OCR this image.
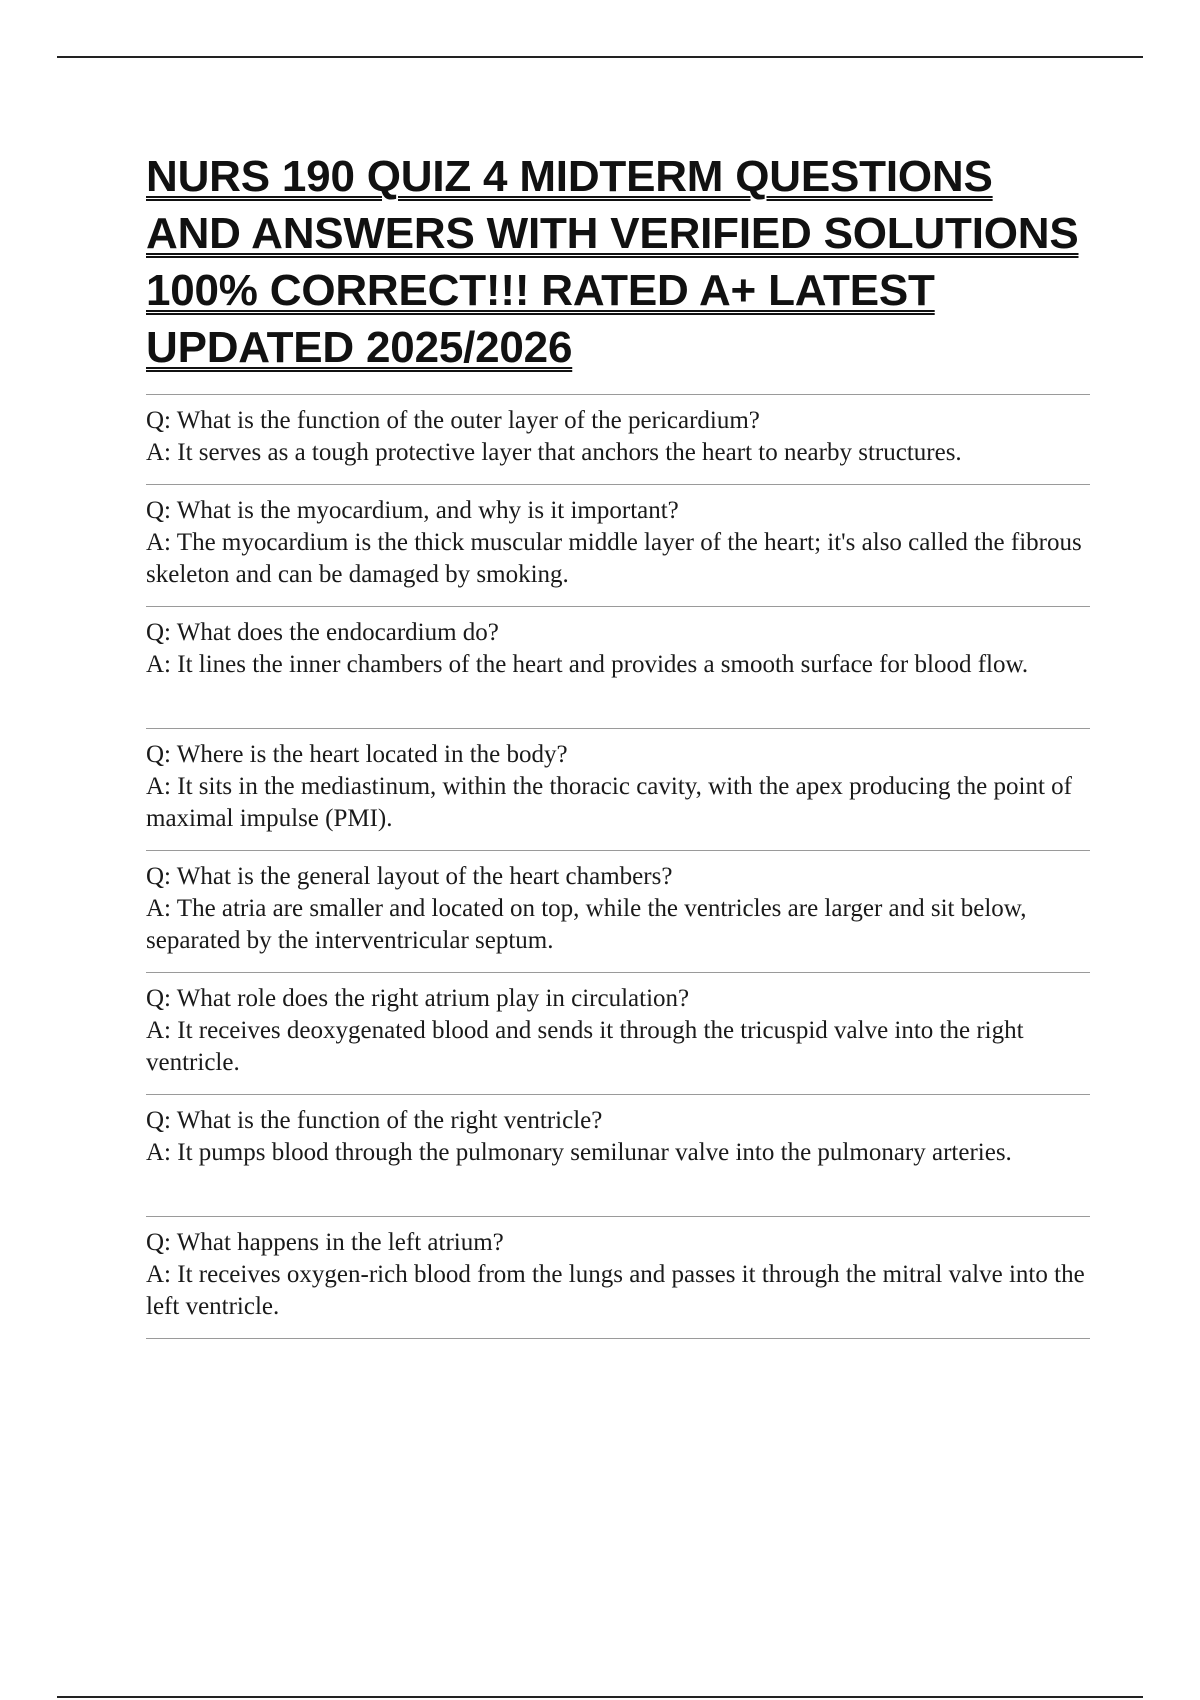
NURS 190 QUIZ 4 MIDTERM QUESTIONS AND ANSWERS WITH VERIFIED SOLUTIONS 100% CORRECT!!! RATED A+ LATEST UPDATED 2025/2026
Q: What is the function of the outer layer of the pericardium?
A: It serves as a tough protective layer that anchors the heart to nearby structures.
Q: What is the myocardium, and why is it important?
A: The myocardium is the thick muscular middle layer of the heart; it's also called the fibrous skeleton and can be damaged by smoking.
Q: What does the endocardium do?
A: It lines the inner chambers of the heart and provides a smooth surface for blood flow.
Q: Where is the heart located in the body?
A: It sits in the mediastinum, within the thoracic cavity, with the apex producing the point of maximal impulse (PMI).
Q: What is the general layout of the heart chambers?
A: The atria are smaller and located on top, while the ventricles are larger and sit below, separated by the interventricular septum.
Q: What role does the right atrium play in circulation?
A: It receives deoxygenated blood and sends it through the tricuspid valve into the right ventricle.
Q: What is the function of the right ventricle?
A: It pumps blood through the pulmonary semilunar valve into the pulmonary arteries.
Q: What happens in the left atrium?
A: It receives oxygen-rich blood from the lungs and passes it through the mitral valve into the left ventricle.
